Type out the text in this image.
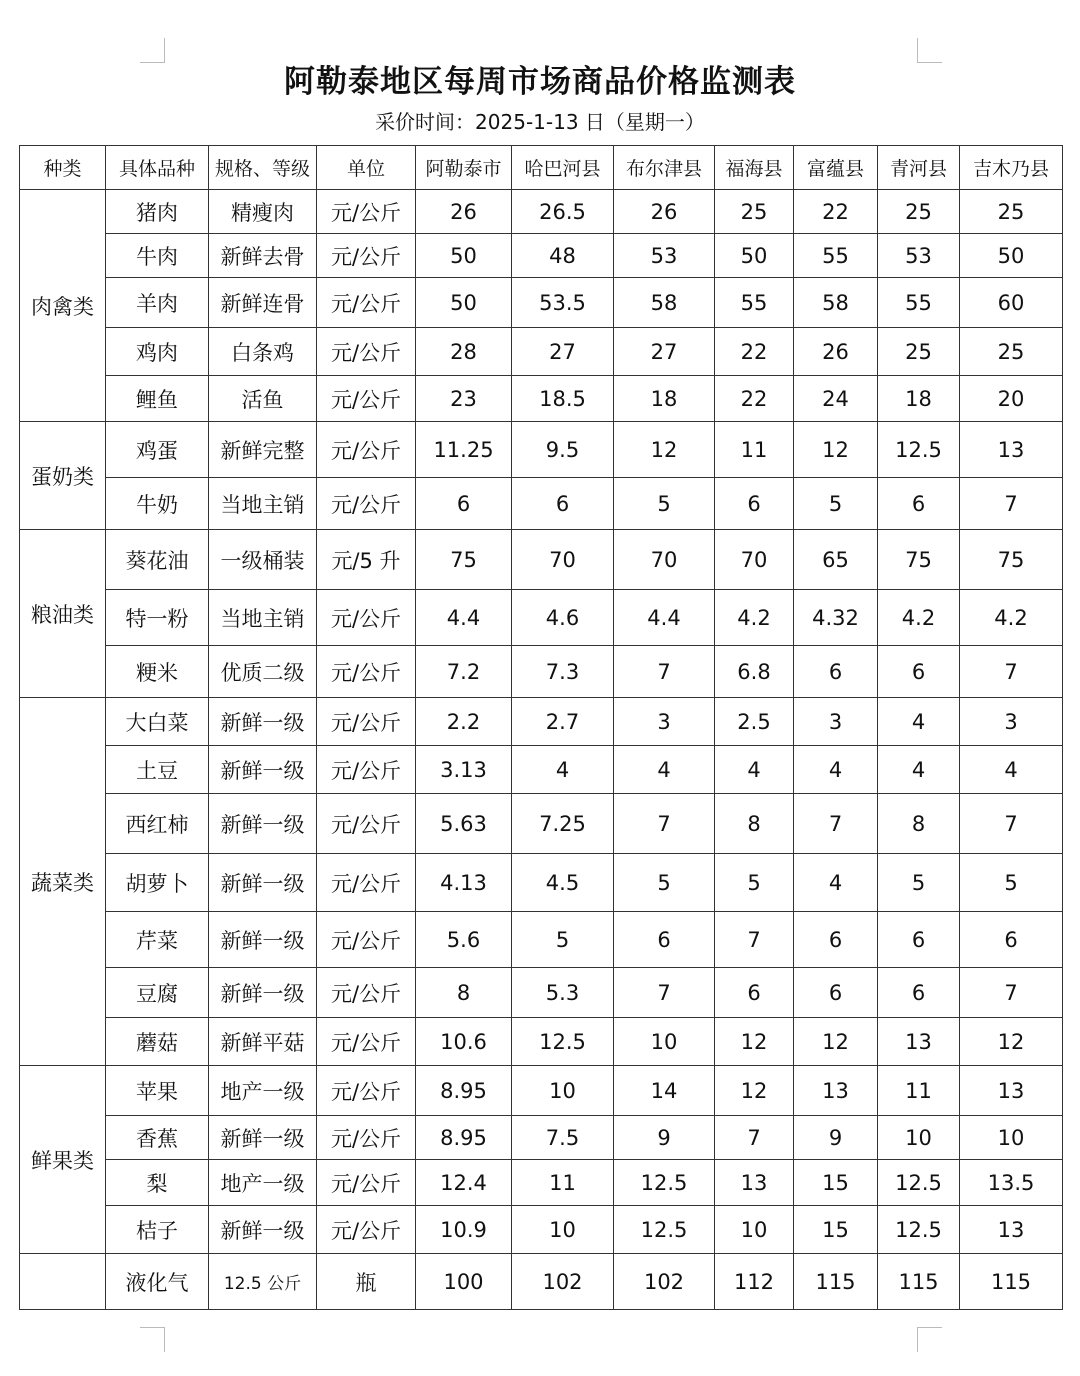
阿勒泰地区每周市场商品价格监测表
采价时间：2025-1-13 日（星期一）
种类	具体品种	规格、等级	单位	阿勒泰市	哈巴河县	布尔津县	福海县	富蕴县	青河县	吉木乃县
肉禽类	猪肉	精瘦肉	元/公斤	26	26.5	26	25	22	25	25
	牛肉	新鲜去骨	元/公斤	50	48	53	50	55	53	50
	羊肉	新鲜连骨	元/公斤	50	53.5	58	55	58	55	60
	鸡肉	白条鸡	元/公斤	28	27	27	22	26	25	25
	鲤鱼	活鱼	元/公斤	23	18.5	18	22	24	18	20
蛋奶类	鸡蛋	新鲜完整	元/公斤	11.25	9.5	12	11	12	12.5	13
	牛奶	当地主销	元/公斤	6	6	5	6	5	6	7
粮油类	葵花油	一级桶装	元/5 升	75	70	70	70	65	75	75
	特一粉	当地主销	元/公斤	4.4	4.6	4.4	4.2	4.32	4.2	4.2
	粳米	优质二级	元/公斤	7.2	7.3	7	6.8	6	6	7
蔬菜类	大白菜	新鲜一级	元/公斤	2.2	2.7	3	2.5	3	4	3
	土豆	新鲜一级	元/公斤	3.13	4	4	4	4	4	4
	西红柿	新鲜一级	元/公斤	5.63	7.25	7	8	7	8	7
	胡萝卜	新鲜一级	元/公斤	4.13	4.5	5	5	4	5	5
	芹菜	新鲜一级	元/公斤	5.6	5	6	7	6	6	6
	豆腐	新鲜一级	元/公斤	8	5.3	7	6	6	6	7
	蘑菇	新鲜平菇	元/公斤	10.6	12.5	10	12	12	13	12
鲜果类	苹果	地产一级	元/公斤	8.95	10	14	12	13	11	13
	香蕉	新鲜一级	元/公斤	8.95	7.5	9	7	9	10	10
	梨	地产一级	元/公斤	12.4	11	12.5	13	15	12.5	13.5
	桔子	新鲜一级	元/公斤	10.9	10	12.5	10	15	12.5	13
	液化气	12.5 公斤	瓶	100	102	102	112	115	115	115
